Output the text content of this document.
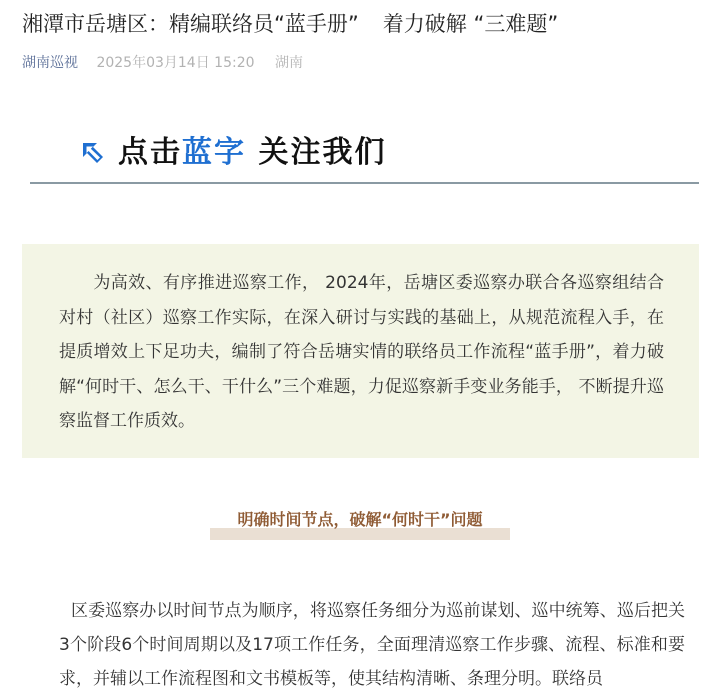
湘潭市岳塘区：精编联络员“蓝手册” 着力破解 “三难题”
湖南巡视 2025年03月14日 15:20 湖南
点击蓝字 关注我们

为高效、有序推进巡察工作， 2024年，岳塘区委巡察办联合各巡察组结合对村（社区）巡察工作实际，在深入研讨与实践的基础上，从规范流程入手，在提质增效上下足功夫，编制了符合岳塘实情的联络员工作流程“蓝手册”，着力破解“何时干、怎么干、干什么”三个难题，力促巡察新手变业务能手， 不断提升巡察监督工作质效。

明确时间节点，破解“何时干”问题

区委巡察办以时间节点为顺序，将巡察任务细分为巡前谋划、巡中统筹、巡后把关3个阶段6个时间周期以及17项工作任务，全面理清巡察工作步骤、流程、标准和要求，并辅以工作流程图和文书模板等，使其结构清晰、条理分明。联络员
